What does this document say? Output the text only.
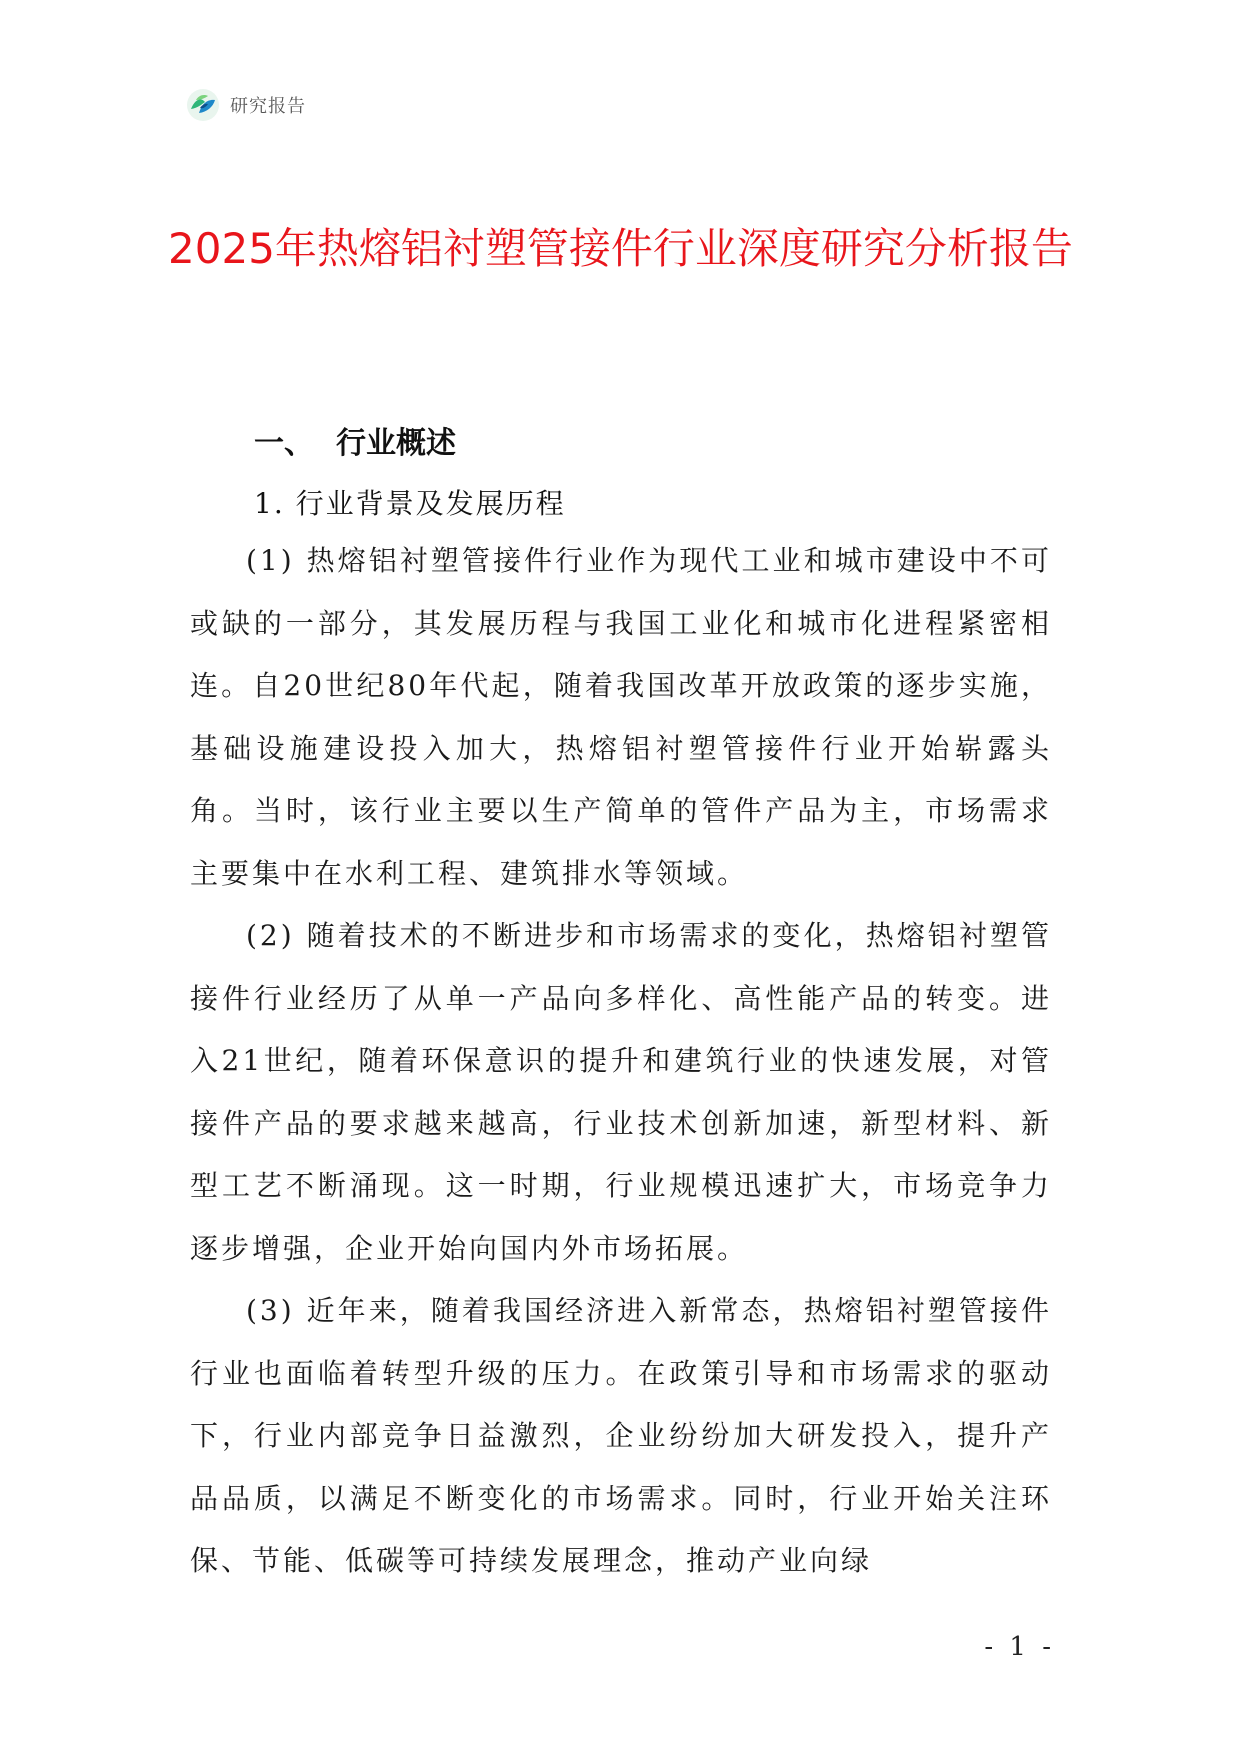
研究报告
2025年热熔铝衬塑管接件行业深度研究分析报告
一、 行业概述
1. 行业背景及发展历程

(1) 热熔铝衬塑管接件行业作为现代工业和城市建设中不可或缺的一部分，其发展历程与我国工业化和城市化进程紧密相连。自20世纪80年代起，随着我国改革开放政策的逐步实施，基础设施建设投入加大，热熔铝衬塑管接件行业开始崭露头角。当时，该行业主要以生产简单的管件产品为主，市场需求主要集中在水利工程、建筑排水等领域。

(2) 随着技术的不断进步和市场需求的变化，热熔铝衬塑管接件行业经历了从单一产品向多样化、高性能产品的转变。进入21世纪，随着环保意识的提升和建筑行业的快速发展，对管接件产品的要求越来越高，行业技术创新加速，新型材料、新型工艺不断涌现。这一时期，行业规模迅速扩大，市场竞争力逐步增强，企业开始向国内外市场拓展。

(3) 近年来，随着我国经济进入新常态，热熔铝衬塑管接件行业也面临着转型升级的压力。在政策引导和市场需求的驱动下，行业内部竞争日益激烈，企业纷纷加大研发投入，提升产品品质，以满足不断变化的市场需求。同时，行业开始关注环保、节能、低碳等可持续发展理念，推动产业向绿

- 1 -
